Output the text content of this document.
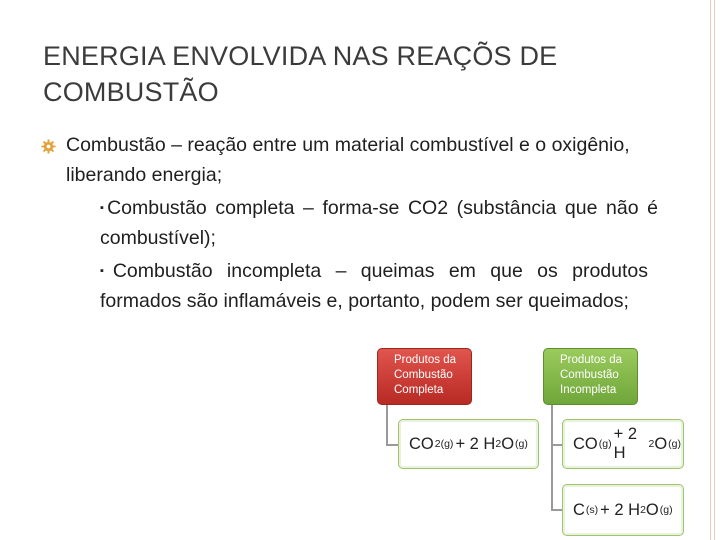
ENERGIA ENVOLVIDA NAS REAÇÕS DE
COMBUSTÃO
Combustão – reação entre um material combustível e o oxigênio, liberando energia;
▪Combustão completa – forma-se CO2 (substância que não é combustível);
▪Combustão incompleta – queimas em que os produtos formados são inflamáveis e, portanto, podem ser queimados;
Produtos da
Combustão
Completa
Produtos da
Combustão
Incompleta
CO 2(g) + 2 H 2 O (g)	CO (g)
+ 2 H	2 O (g)
C (s) + 2 H 2 O (g)
